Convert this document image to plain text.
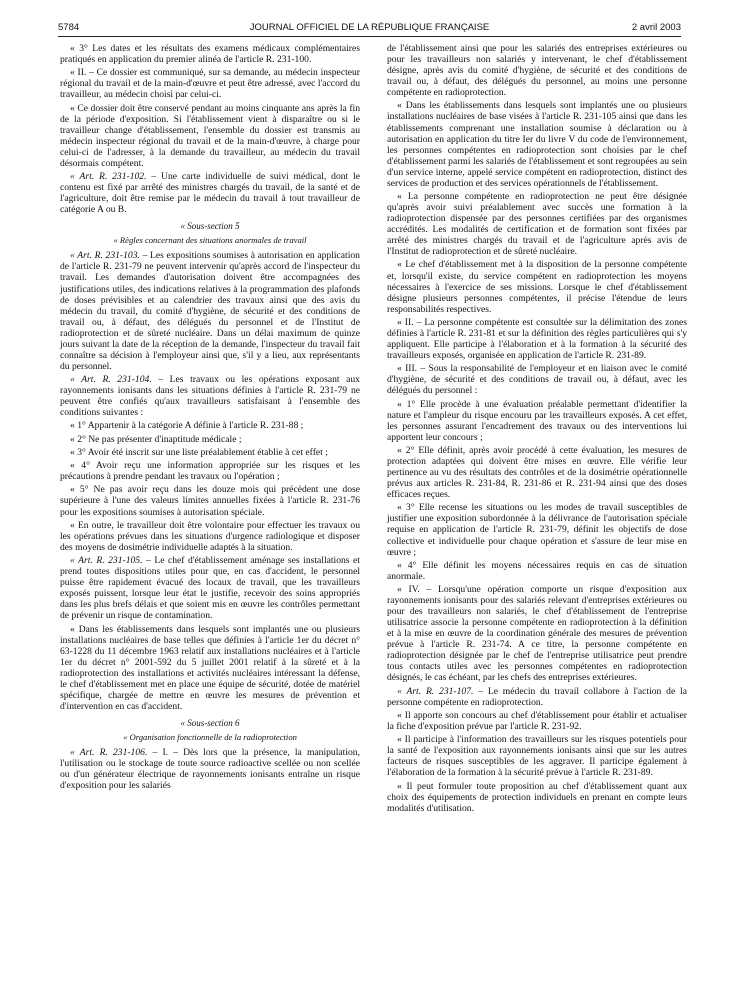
5784	JOURNAL OFFICIEL DE LA RÉPUBLIQUE FRANÇAISE	2 avril 2003

« 3° Les dates et les résultats des examens médicaux complémentaires pratiqués en application du premier alinéa de l'article R. 231-100.

« II. – Ce dossier est communiqué, sur sa demande, au médecin inspecteur régional du travail et de la main-d'œuvre et peut être adressé, avec l'accord du travailleur, au médecin choisi par celui-ci.

« Ce dossier doit être conservé pendant au moins cinquante ans après la fin de la période d'exposition. Si l'établissement vient à disparaître ou si le travailleur change d'établissement, l'ensemble du dossier est transmis au médecin inspecteur régional du travail et de la main-d'œuvre, à charge pour celui-ci de l'adresser, à la demande du travailleur, au médecin du travail désormais compétent.

« Art. R. 231-102. – Une carte individuelle de suivi médical, dont le contenu est fixé par arrêté des ministres chargés du travail, de la santé et de l'agriculture, doit être remise par le médecin du travail à tout travailleur de catégorie A ou B.

« Sous-section 5

« Règles concernant des situations anormales de travail

« Art. R. 231-103. – Les expositions soumises à autorisation en application de l'article R. 231-79 ne peuvent intervenir qu'après accord de l'inspecteur du travail. Les demandes d'autorisation doivent être accompagnées des justifications utiles, des indications relatives à la programmation des plafonds de doses prévisibles et au calendrier des travaux ainsi que des avis du médecin du travail, du comité d'hygiène, de sécurité et des conditions de travail ou, à défaut, des délégués du personnel et de l'Institut de radioprotection et de sûreté nucléaire. Dans un délai maximum de quinze jours suivant la date de la réception de la demande, l'inspecteur du travail fait connaître sa décision à l'employeur ainsi que, s'il y a lieu, aux représentants du personnel.

« Art. R. 231-104. – Les travaux ou les opérations exposant aux rayonnements ionisants dans les situations définies à l'article R. 231-79 ne peuvent être confiés qu'aux travailleurs satisfaisant à l'ensemble des conditions suivantes :

« 1° Appartenir à la catégorie A définie à l'article R. 231-88 ;

« 2° Ne pas présenter d'inaptitude médicale ;

« 3° Avoir été inscrit sur une liste préalablement établie à cet effet ;

« 4° Avoir reçu une information appropriée sur les risques et les précautions à prendre pendant les travaux ou l'opération ;

« 5° Ne pas avoir reçu dans les douze mois qui précèdent une dose supérieure à l'une des valeurs limites annuelles fixées à l'article R. 231-76 pour les expositions soumises à autorisation spéciale.

« En outre, le travailleur doit être volontaire pour effectuer les travaux ou les opérations prévues dans les situations d'urgence radiologique et disposer des moyens de dosimétrie individuelle adaptés à la situation.

« Art. R. 231-105. – Le chef d'établissement aménage ses installations et prend toutes dispositions utiles pour que, en cas d'accident, le personnel puisse être rapidement évacué des locaux de travail, que les travailleurs exposés puissent, lorsque leur état le justifie, recevoir des soins appropriés dans les plus brefs délais et que soient mis en œuvre les contrôles permettant de prévenir un risque de contamination.

« Dans les établissements dans lesquels sont implantés une ou plusieurs installations nucléaires de base telles que définies à l'article 1er du décret n° 63-1228 du 11 décembre 1963 relatif aux installations nucléaires et à l'article 1er du décret n° 2001-592 du 5 juillet 2001 relatif à la sûreté et à la radioprotection des installations et activités nucléaires intéressant la défense, le chef d'établissement met en place une équipe de sécurité, dotée de matériel spécifique, chargée de mettre en œuvre les mesures de prévention et d'intervention en cas d'accident.

« Sous-section 6

« Organisation fonctionnelle de la radioprotection

« Art. R. 231-106. – I. – Dès lors que la présence, la manipulation, l'utilisation ou le stockage de toute source radioactive scellée ou non scellée ou d'un générateur électrique de rayonnements ionisants entraîne un risque d'exposition pour les salariés

de l'établissement ainsi que pour les salariés des entreprises extérieures ou pour les travailleurs non salariés y intervenant, le chef d'établissement désigne, après avis du comité d'hygiène, de sécurité et des conditions de travail ou, à défaut, des délégués du personnel, au moins une personne compétente en radioprotection.

« Dans les établissements dans lesquels sont implantés une ou plusieurs installations nucléaires de base visées à l'article R. 231-105 ainsi que dans les établissements comprenant une installation soumise à déclaration ou à autorisation en application du titre Ier du livre V du code de l'environnement, les personnes compétentes en radioprotection sont choisies par le chef d'établissement parmi les salariés de l'établissement et sont regroupées au sein d'un service interne, appelé service compétent en radioprotection, distinct des services de production et des services opérationnels de l'établissement.

« La personne compétente en radioprotection ne peut être désignée qu'après avoir suivi préalablement avec succès une formation à la radioprotection dispensée par des personnes certifiées par des organismes accrédités. Les modalités de certification et de formation sont fixées par arrêté des ministres chargés du travail et de l'agriculture après avis de l'Institut de radioprotection et de sûreté nucléaire.

« Le chef d'établissement met à la disposition de la personne compétente et, lorsqu'il existe, du service compétent en radioprotection les moyens nécessaires à l'exercice de ses missions. Lorsque le chef d'établissement désigne plusieurs personnes compétentes, il précise l'étendue de leurs responsabilités respectives.

« II. – La personne compétente est consultée sur la délimitation des zones définies à l'article R. 231-81 et sur la définition des règles particulières qui s'y appliquent. Elle participe à l'élaboration et à la formation à la sécurité des travailleurs exposés, organisée en application de l'article R. 231-89.

« III. – Sous la responsabilité de l'employeur et en liaison avec le comité d'hygiène, de sécurité et des conditions de travail ou, à défaut, avec les délégués du personnel :

« 1° Elle procède à une évaluation préalable permettant d'identifier la nature et l'ampleur du risque encouru par les travailleurs exposés. A cet effet, les personnes assurant l'encadrement des travaux ou des interventions lui apportent leur concours ;

« 2° Elle définit, après avoir procédé à cette évaluation, les mesures de protection adaptées qui doivent être mises en œuvre. Elle vérifie leur pertinence au vu des résultats des contrôles et de la dosimétrie opérationnelle prévus aux articles R. 231-84, R. 231-86 et R. 231-94 ainsi que des doses efficaces reçues.

« 3° Elle recense les situations ou les modes de travail susceptibles de justifier une exposition subordonnée à la délivrance de l'autorisation spéciale requise en application de l'article R. 231-79, définit les objectifs de dose collective et individuelle pour chaque opération et s'assure de leur mise en œuvre ;

« 4° Elle définit les moyens nécessaires requis en cas de situation anormale.

« IV. – Lorsqu'une opération comporte un risque d'exposition aux rayonnements ionisants pour des salariés relevant d'entreprises extérieures ou pour des travailleurs non salariés, le chef d'établissement de l'entreprise utilisatrice associe la personne compétente en radioprotection à la définition et à la mise en œuvre de la coordination générale des mesures de prévention prévue à l'article R. 231-74. A ce titre, la personne compétente en radioprotection désignée par le chef de l'entreprise utilisatrice peut prendre tous contacts utiles avec les personnes compétentes en radioprotection désignés, le cas échéant, par les chefs des entreprises extérieures.

« Art. R. 231-107. – Le médecin du travail collabore à l'action de la personne compétente en radioprotection.

« Il apporte son concours au chef d'établissement pour établir et actualiser la fiche d'exposition prévue par l'article R. 231-92.

« Il participe à l'information des travailleurs sur les risques potentiels pour la santé de l'exposition aux rayonnements ionisants ainsi que sur les autres facteurs de risques susceptibles de les aggraver. Il participe également à l'élaboration de la formation à la sécurité prévue à l'article R. 231-89.

« Il peut formuler toute proposition au chef d'établissement quant aux choix des équipements de protection individuels en prenant en compte leurs modalités d'utilisation.
